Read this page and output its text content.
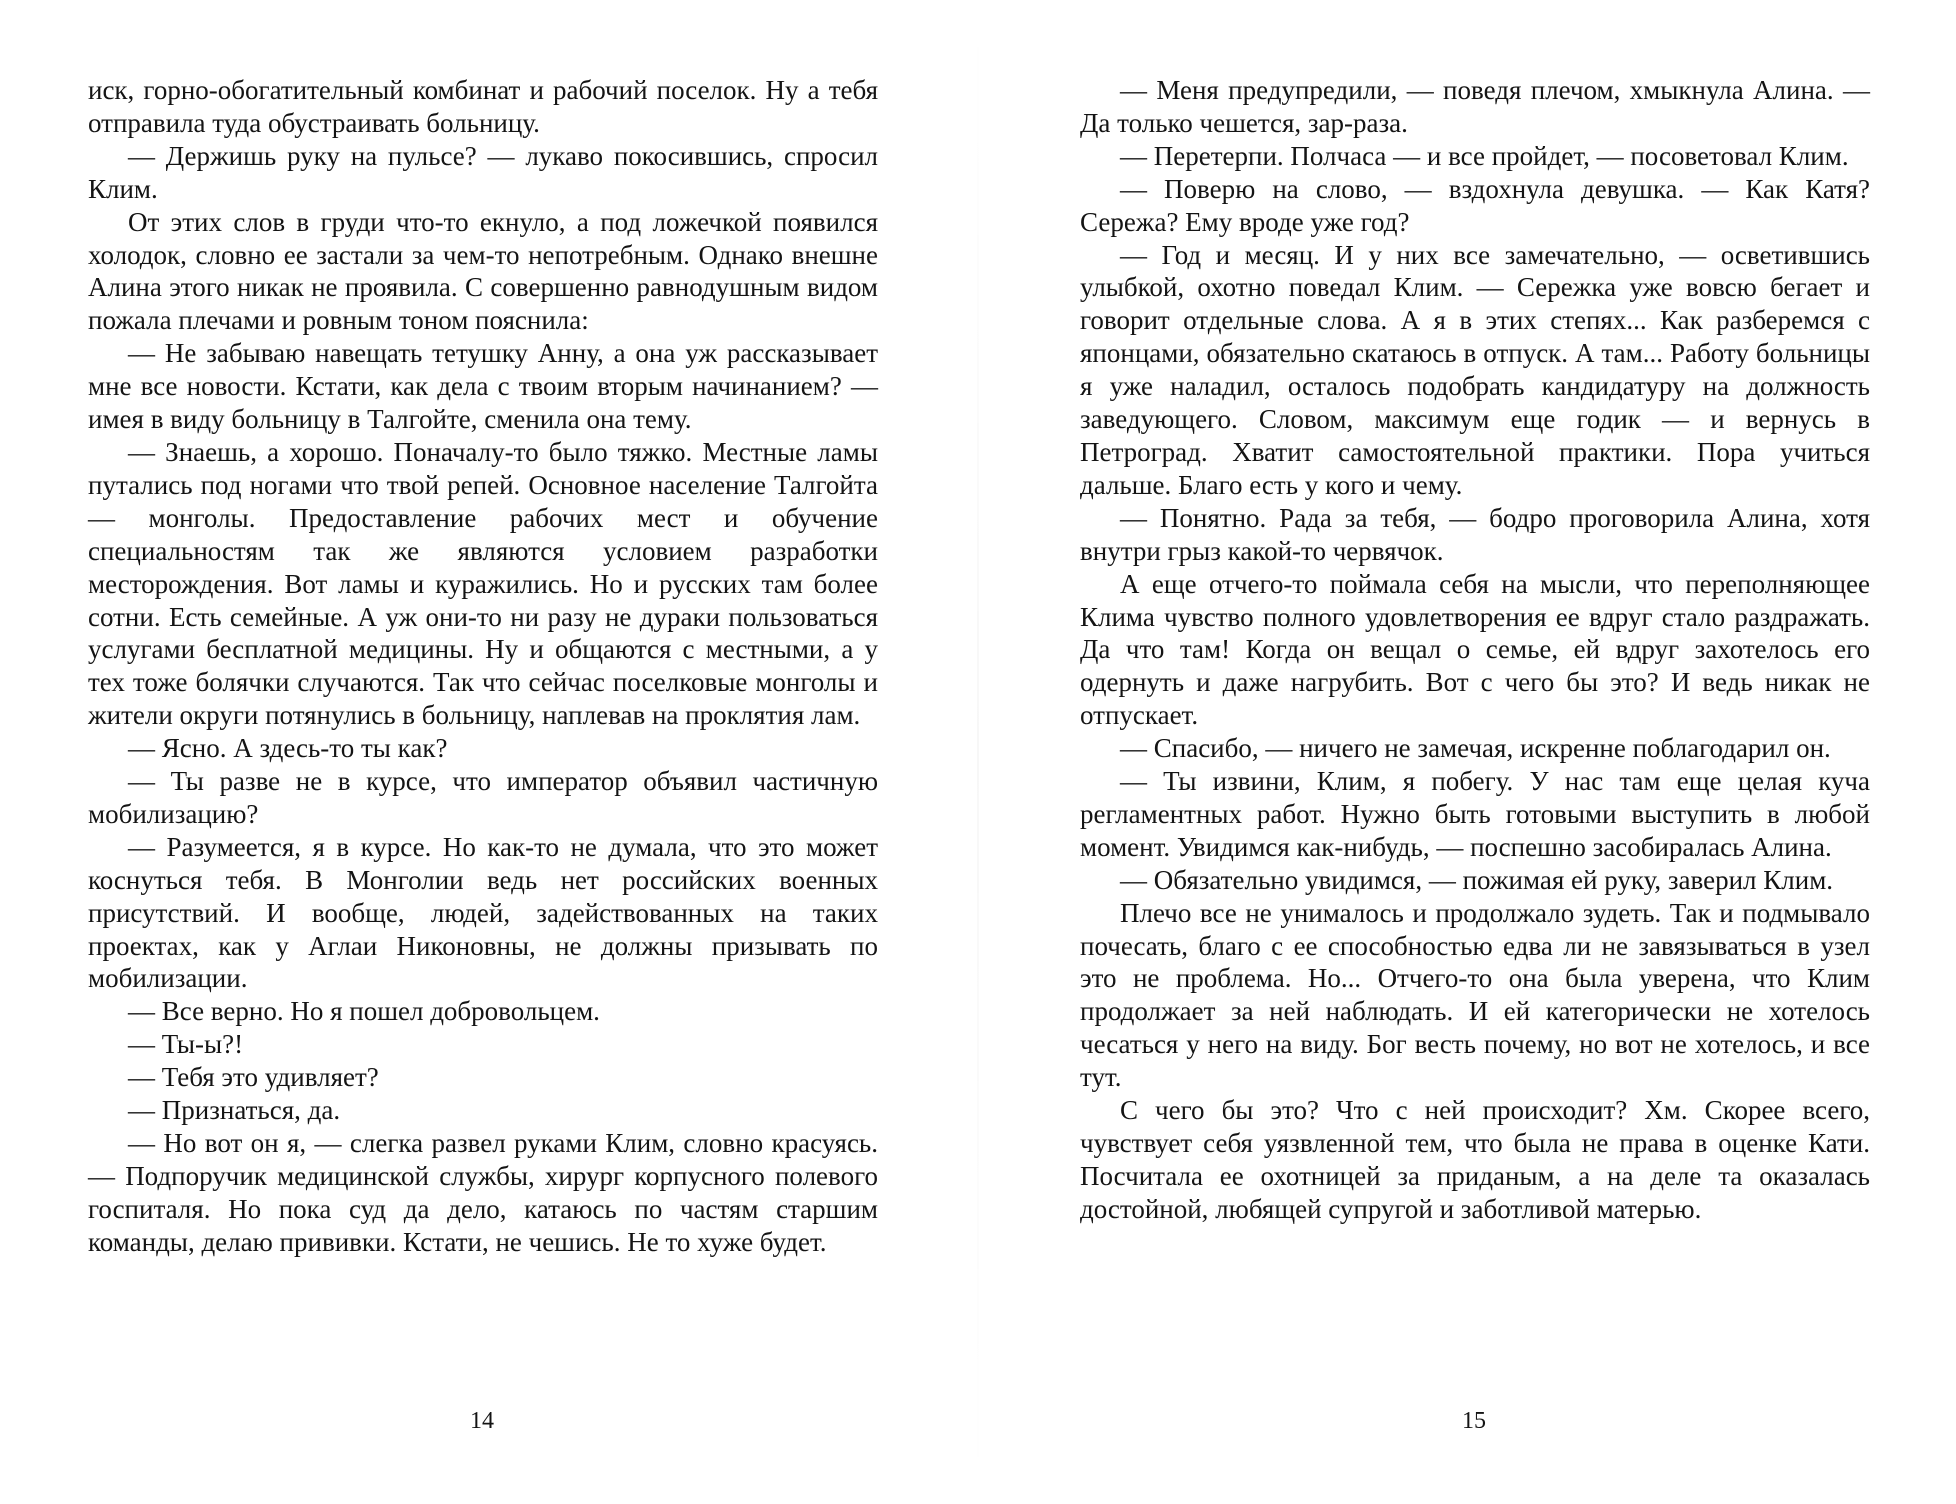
иск, горно-обогатительный комбинат и рабочий поселок. Ну а тебя отправила туда обустраивать больницу.

— Держишь руку на пульсе? — лукаво покосившись, спросил Клим.

От этих слов в груди что-то екнуло, а под ложечкой появился холодок, словно ее застали за чем-то непотребным. Однако внешне Алина этого никак не проявила. С совершенно равнодушным видом пожала плечами и ровным тоном пояснила:

— Не забываю навещать тетушку Анну, а она уж рассказывает мне все новости. Кстати, как дела с твоим вторым начинанием? — имея в виду больницу в Талгойте, сменила она тему.

— Знаешь, а хорошо. Поначалу-то было тяжко. Местные ламы путались под ногами что твой репей. Основное население Талгойта — монголы. Предоставление рабочих мест и обучение специальностям так же являются условием разработки месторождения. Вот ламы и куражились. Но и русских там более сотни. Есть семейные. А уж они-то ни разу не дураки пользоваться услугами бесплатной медицины. Ну и общаются с местными, а у тех тоже болячки случаются. Так что сейчас поселковые монголы и жители округи потянулись в больницу, наплевав на проклятия лам.

— Ясно. А здесь-то ты как?

— Ты разве не в курсе, что император объявил частичную мобилизацию?

— Разумеется, я в курсе. Но как-то не думала, что это может коснуться тебя. В Монголии ведь нет российских военных присутствий. И вообще, людей, задействованных на таких проектах, как у Аглаи Никоновны, не должны призывать по мобилизации.

— Все верно. Но я пошел добровольцем.

— Ты-ы?!

— Тебя это удивляет?

— Признаться, да.

— Но вот он я, — слегка развел руками Клим, словно красуясь. — Подпоручик медицинской службы, хирург корпусного полевого госпиталя. Но пока суд да дело, катаюсь по частям старшим команды, делаю прививки. Кстати, не чешись. Не то хуже будет.

14

— Меня предупредили, — поведя плечом, хмыкнула Алина. — Да только чешется, зар-раза.

— Перетерпи. Полчаса — и все пройдет, — посоветовал Клим.

— Поверю на слово, — вздохнула девушка. — Как Катя? Сережа? Ему вроде уже год?

— Год и месяц. И у них все замечательно, — осветившись улыбкой, охотно поведал Клим. — Сережка уже вовсю бегает и говорит отдельные слова. А я в этих степях... Как разберемся с японцами, обязательно скатаюсь в отпуск. А там... Работу больницы я уже наладил, осталось подобрать кандидатуру на должность заведующего. Словом, максимум еще годик — и вернусь в Петроград. Хватит самостоятельной практики. Пора учиться дальше. Благо есть у кого и чему.

— Понятно. Рада за тебя, — бодро проговорила Алина, хотя внутри грыз какой-то червячок.

А еще отчего-то поймала себя на мысли, что переполняющее Клима чувство полного удовлетворения ее вдруг стало раздражать. Да что там! Когда он вещал о семье, ей вдруг захотелось его одернуть и даже нагрубить. Вот с чего бы это? И ведь никак не отпускает.

— Спасибо, — ничего не замечая, искренне поблагодарил он.

— Ты извини, Клим, я побегу. У нас там еще целая куча регламентных работ. Нужно быть готовыми выступить в любой момент. Увидимся как-нибудь, — поспешно засобиралась Алина.

— Обязательно увидимся, — пожимая ей руку, заверил Клим.

Плечо все не унималось и продолжало зудеть. Так и подмывало почесать, благо с ее способностью едва ли не завязываться в узел это не проблема. Но... Отчего-то она была уверена, что Клим продолжает за ней наблюдать. И ей категорически не хотелось чесаться у него на виду. Бог весть почему, но вот не хотелось, и все тут.

С чего бы это? Что с ней происходит? Хм. Скорее всего, чувствует себя уязвленной тем, что была не права в оценке Кати. Посчитала ее охотницей за приданым, а на деле та оказалась достойной, любящей супругой и заботливой матерью.

15
